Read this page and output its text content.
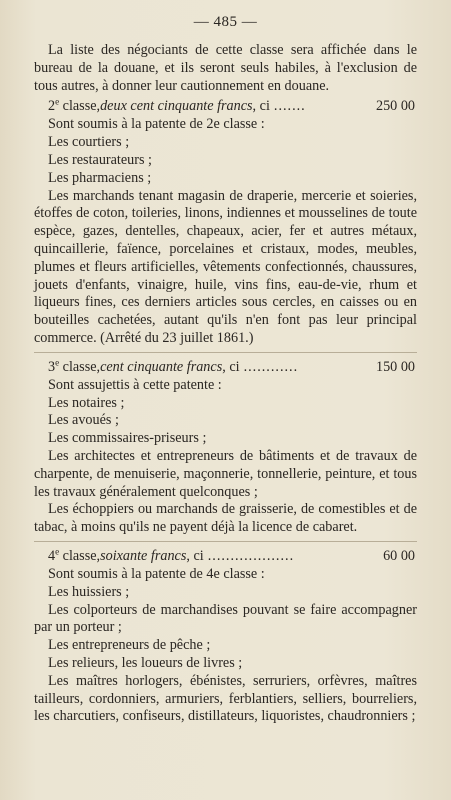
— 485 —

La liste des négociants de cette classe sera affichée dans le bureau de la douane, et ils seront seuls habiles, à l'exclusion de tous autres, à donner leur cautionnement en douane.

2e classe, deux cent cinquante francs , ci .......	250 00

Sont soumis à la patente de 2e classe :

Les courtiers ;

Les restaurateurs ;

Les pharmaciens ;

Les marchands tenant magasin de draperie, mercerie et soieries, étoffes de coton, toileries, linons, indiennes et mousselines de toute espèce, gazes, dentelles, chapeaux, acier, fer et autres métaux, quincaillerie, faïence, porcelaines et cristaux, modes, meubles, plumes et fleurs artificielles, vêtements confectionnés, chaussures, jouets d'enfants, vinaigre, huile, vins fins, eau-de-vie, rhum et liqueurs fines, ces derniers articles sous cercles, en caisses ou en bouteilles cachetées, autant qu'ils n'en font pas leur principal commerce. (Arrêté du 23 juillet 1861.)

3e classe, cent cinquante francs , ci ............	150 00

Sont assujettis à cette patente :

Les notaires ;

Les avoués ;

Les commissaires-priseurs ;

Les architectes et entrepreneurs de bâtiments et de travaux de charpente, de menuiserie, maçonnerie, tonnellerie, peinture, et tous les travaux généralement quelconques ;

Les échoppiers ou marchands de graisserie, de comestibles et de tabac, à moins qu'ils ne payent déjà la licence de cabaret.

4e classe, soixante francs , ci ...................	60 00

Sont soumis à la patente de 4e classe :

Les huissiers ;

Les colporteurs de marchandises pouvant se faire accompagner par un porteur ;

Les entrepreneurs de pêche ;

Les relieurs, les loueurs de livres ;

Les maîtres horlogers, ébénistes, serruriers, orfèvres, maîtres tailleurs, cordonniers, armuriers, ferblantiers, selliers, bourreliers, les charcutiers, confiseurs, distillateurs, liquoristes, chaudronniers ;
